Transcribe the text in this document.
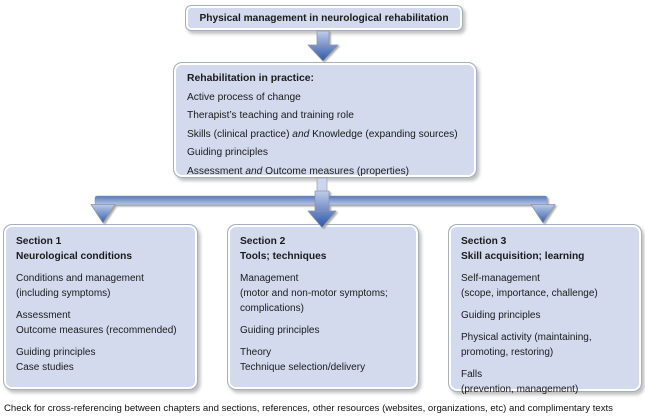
Physical management in neurological rehabilitation
Rehabilitation in practice:
Active process of change
Therapist’s teaching and training role
Skills (clinical practice) and Knowledge (expanding sources)
Guiding principles
Assessment and Outcome measures (properties)
Section 1
Neurological conditions
Conditions and management
(including symptoms)
Assessment
Outcome measures (recommended)
Guiding principles
Case studies
Section 2
Tools; techniques
Management
(motor and non-motor symptoms;
complications)
Guiding principles
Theory
Technique selection/delivery
Section 3
Skill acquisition; learning
Self-management
(scope, importance, challenge)
Guiding principles
Physical activity (maintaining,
promoting, restoring)
Falls
(prevention, management)
Check for cross-referencing between chapters and sections, references, other resources (websites, organizations, etc) and complimentary texts
